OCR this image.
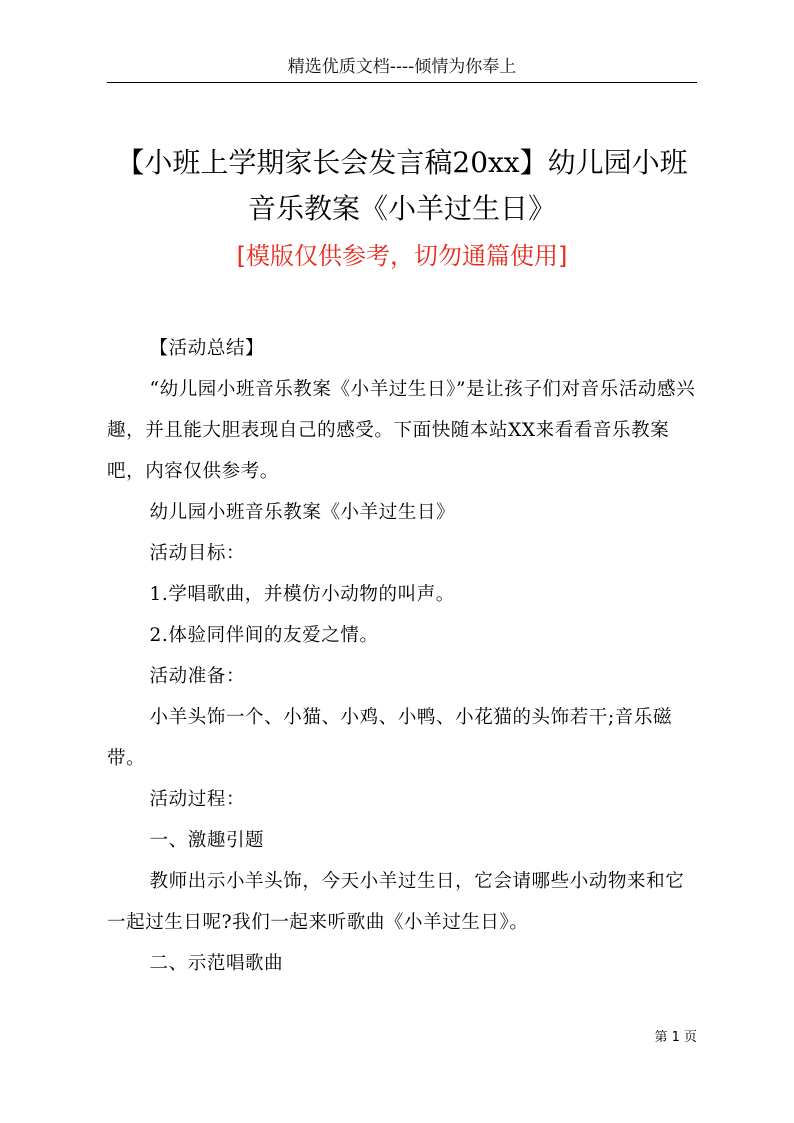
精选优质文档----倾情为你奉上
【小班上学期家长会发言稿20xx】幼儿园小班
音乐教案《小羊过生日》
[模版仅供参考，切勿通篇使用]

【活动总结】

“幼儿园小班音乐教案《小羊过生日》”是让孩子们对音乐活动感兴趣，并且能大胆表现自己的感受。下面快随本站XX来看看音乐教案吧，内容仅供参考。

幼儿园小班音乐教案《小羊过生日》

活动目标：

1.学唱歌曲，并模仿小动物的叫声。

2.体验同伴间的友爱之情。

活动准备：

小羊头饰一个、小猫、小鸡、小鸭、小花猫的头饰若干;音乐磁带。

活动过程：

一、激趣引题

教师出示小羊头饰，今天小羊过生日，它会请哪些小动物来和它一起过生日呢?我们一起来听歌曲《小羊过生日》。

二、示范唱歌曲

第 1 页
